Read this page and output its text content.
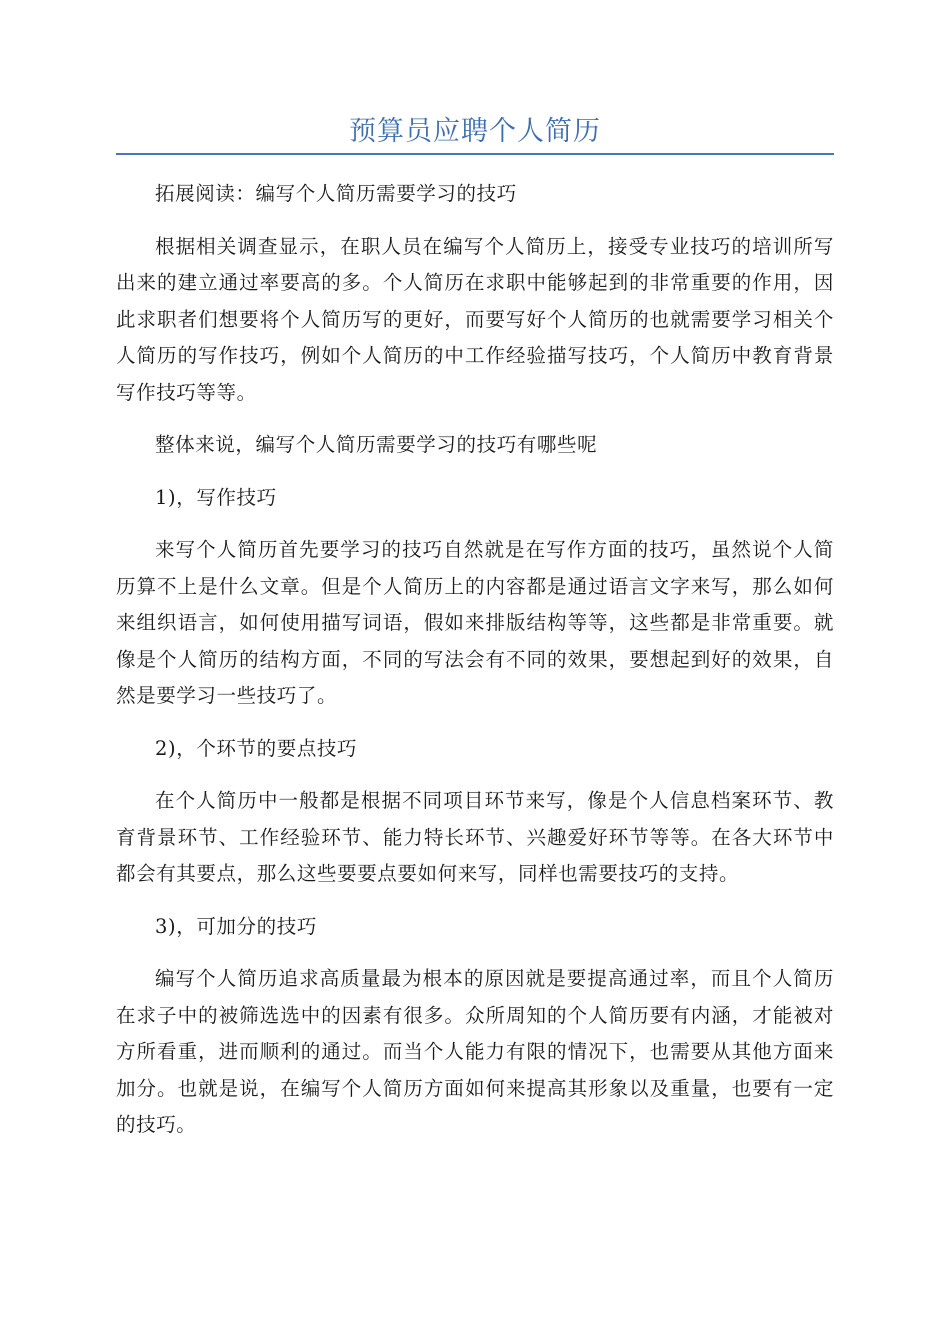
预算员应聘个人简历

拓展阅读：编写个人简历需要学习的技巧

根据相关调查显示，在职人员在编写个人简历上，接受专业技巧的培训所写出来的建立通过率要高的多。个人简历在求职中能够起到的非常重要的作用，因此求职者们想要将个人简历写的更好，而要写好个人简历的也就需要学习相关个人简历的写作技巧，例如个人简历的中工作经验描写技巧，个人简历中教育背景写作技巧等等。

整体来说，编写个人简历需要学习的技巧有哪些呢

1)，写作技巧

来写个人简历首先要学习的技巧自然就是在写作方面的技巧，虽然说个人简历算不上是什么文章。但是个人简历上的内容都是通过语言文字来写，那么如何来组织语言，如何使用描写词语，假如来排版结构等等，这些都是非常重要。就像是个人简历的结构方面，不同的写法会有不同的效果，要想起到好的效果，自然是要学习一些技巧了。

2)，个环节的要点技巧

在个人简历中一般都是根据不同项目环节来写，像是个人信息档案环节、教育背景环节、工作经验环节、能力特长环节、兴趣爱好环节等等。在各大环节中都会有其要点，那么这些要要点要如何来写，同样也需要技巧的支持。

3)，可加分的技巧

编写个人简历追求高质量最为根本的原因就是要提高通过率，而且个人简历在求子中的被筛选选中的因素有很多。众所周知的个人简历要有内涵，才能被对方所看重，进而顺利的通过。而当个人能力有限的情况下，也需要从其他方面来加分。也就是说，在编写个人简历方面如何来提高其形象以及重量，也要有一定的技巧。
